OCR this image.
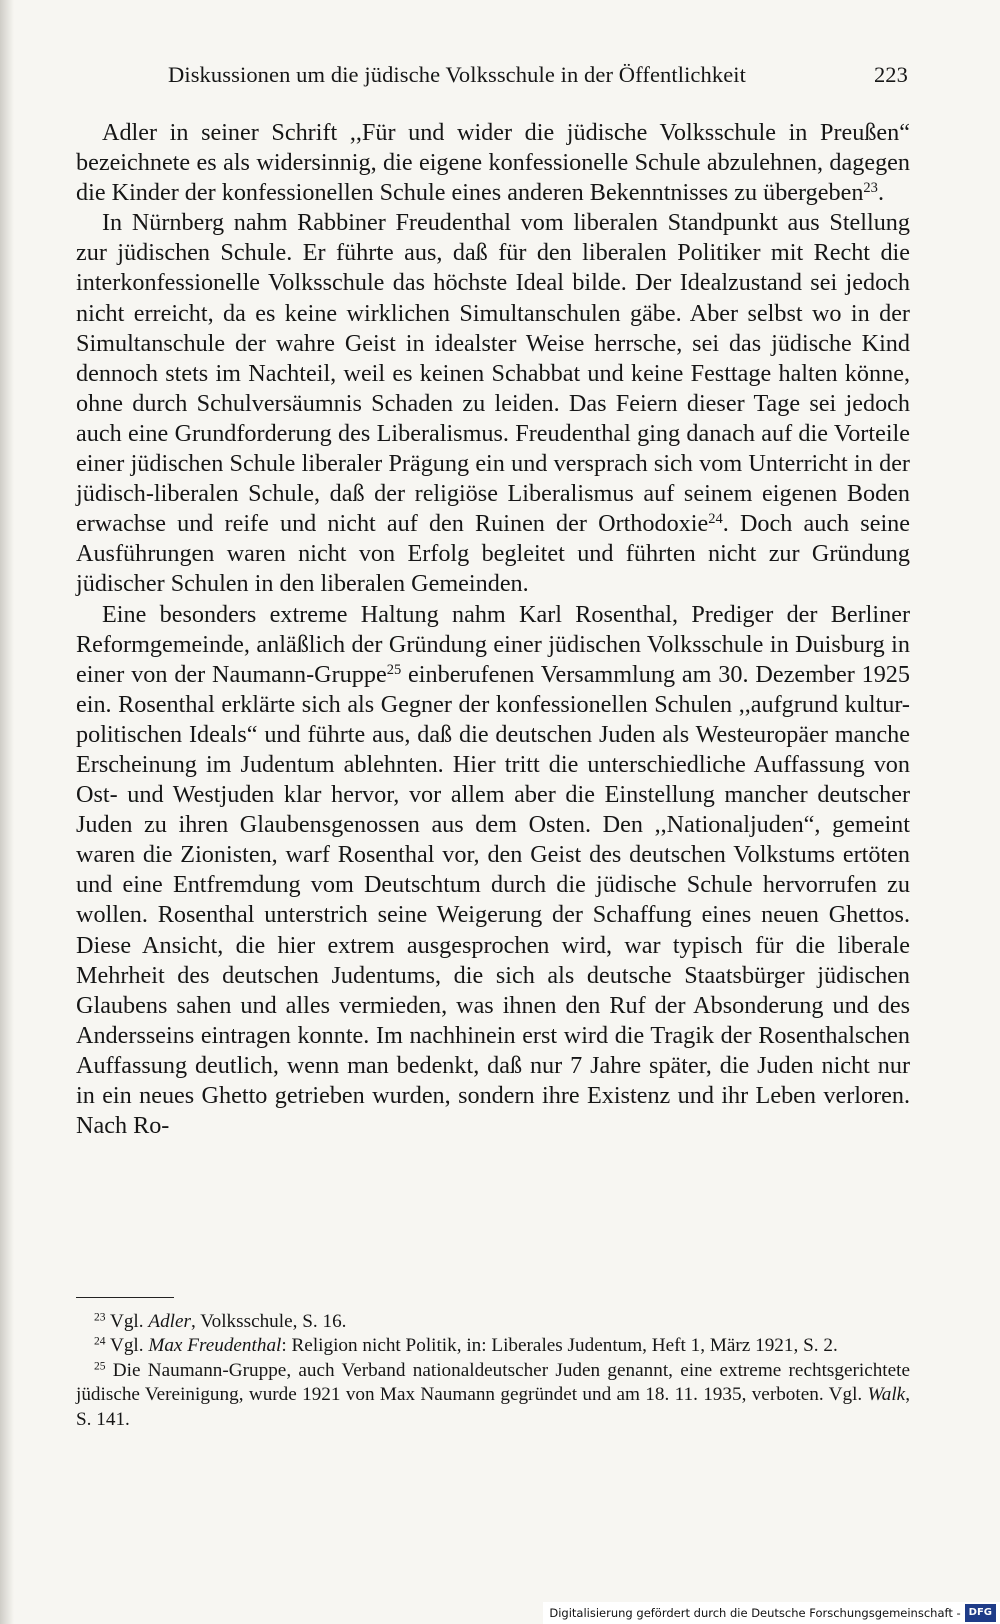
Diskussionen um die jüdische Volksschule in der Öffentlichkeit	223

Adler in seiner Schrift ,,Für und wider die jüdische Volksschule in Preußen“ bezeichnete es als widersinnig, die eigene konfessionelle Schule abzulehnen, dagegen die Kinder der konfessionellen Schule eines anderen Bekenntnisses zu übergeben$^{23}$.

In Nürnberg nahm Rabbiner Freudenthal vom liberalen Standpunkt aus Stellung zur jüdischen Schule. Er führte aus, daß für den liberalen Politiker mit Recht die interkonfessionelle Volksschule das höchste Ideal bilde. Der Idealzustand sei jedoch nicht erreicht, da es keine wirklichen Simultanschulen gäbe. Aber selbst wo in der Simultanschule der wahre Geist in idealster Weise herrsche, sei das jüdische Kind dennoch stets im Nachteil, weil es keinen Schabbat und keine Festtage halten könne, ohne durch Schulversäumnis Schaden zu leiden. Das Feiern dieser Tage sei jedoch auch eine Grundforderung des Liberalismus. Freudenthal ging danach auf die Vorteile einer jüdischen Schule liberaler Prägung ein und versprach sich vom Unterricht in der jüdisch-liberalen Schule, daß der religiöse Liberalismus auf seinem eigenen Boden erwachse und reife und nicht auf den Ruinen der Orthodoxie$^{24}$. Doch auch seine Ausführungen waren nicht von Erfolg begleitet und führten nicht zur Gründung jüdischer Schulen in den liberalen Gemeinden.

Eine besonders extreme Haltung nahm Karl Rosenthal, Prediger der Berliner Reformgemeinde, anläßlich der Gründung einer jüdischen Volksschule in Duisburg in einer von der Naumann-Gruppe$^{25}$ einberufenen Versammlung am 30. Dezember 1925 ein. Rosenthal erklärte sich als Gegner der konfessionellen Schulen ,,aufgrund kultur-politischen Ideals“ und führte aus, daß die deutschen Juden als Westeuropäer manche Erscheinung im Judentum ablehnten. Hier tritt die unterschiedliche Auffassung von Ost- und Westjuden klar hervor, vor allem aber die Einstellung mancher deutscher Juden zu ihren Glaubensgenossen aus dem Osten. Den ,,Nationaljuden“, gemeint waren die Zionisten, warf Rosenthal vor, den Geist des deutschen Volkstums ertöten und eine Entfremdung vom Deutschtum durch die jüdische Schule hervorrufen zu wollen. Rosenthal unterstrich seine Weigerung der Schaffung eines neuen Ghettos. Diese Ansicht, die hier extrem ausgesprochen wird, war typisch für die liberale Mehrheit des deutschen Judentums, die sich als deutsche Staatsbürger jüdischen Glaubens sahen und alles vermieden, was ihnen den Ruf der Absonderung und des Andersseins eintragen konnte. Im nachhinein erst wird die Tragik der Rosenthalschen Auffassung deutlich, wenn man bedenkt, daß nur 7 Jahre später, die Juden nicht nur in ein neues Ghetto getrieben wurden, sondern ihre Existenz und ihr Leben verloren. Nach Ro-

$^{23}$ Vgl. Adler, Volksschule, S. 16.

$^{24}$ Vgl. Max Freudenthal: Religion nicht Politik, in: Liberales Judentum, Heft 1, März 1921, S. 2.

$^{25}$ Die Naumann-Gruppe, auch Verband nationaldeutscher Juden genannt, eine extreme rechtsgerichtete jüdische Vereinigung, wurde 1921 von Max Naumann gegründet und am 18. 11. 1935, verboten. Vgl. Walk, S. 141.

Digitalisierung gefördert durch die Deutsche Forschungsgemeinschaft - DFG
